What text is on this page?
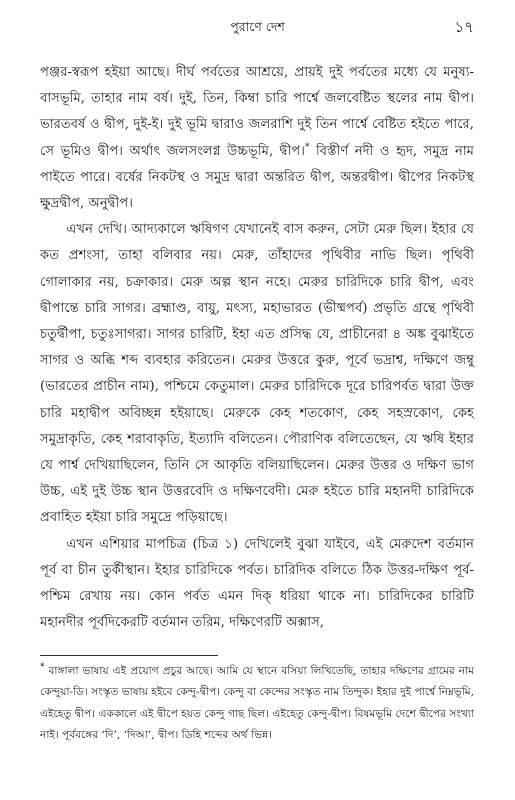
পুরাণে দেশ	১৭

পঞ্জর-স্বরূপ হইয়া আছে। দীর্ঘ পর্বতের আশ্রয়ে, প্রায়ই দুই পর্বতের মধ্যে যে মনুষ্য-বাসভূমি, তাহার নাম বর্ষ। দুই, তিন, কিম্বা চারি পার্শ্বে জলবেষ্টিত স্থলের নাম দ্বীপ। ভারতবর্ষ ও দ্বীপ, দুই-ই। দুই ভূমি দ্বারাও জলরাশি দুই তিন পার্শ্বে বেষ্টিত হইতে পারে, সে ভূমিও দ্বীপ। অর্থাৎ জলসংলগ্ন উচ্চভূমি, দ্বীপ।* বিস্তীর্ণ নদী ও হৃদ, সমুদ্র নাম পাইতে পারে। বর্ষের নিকটস্থ ও সমুদ্র দ্বারা অন্তরিত দ্বীপ, অন্তরদ্বীপ। দ্বীপের নিকটস্থ ক্ষুদ্রদ্বীপ, অনুদ্বীপ।

এখন দেখি। আদ্যকালে ঋষিগণ যেখানেই বাস করুন, সেটা মেরু ছিল। ইহার যে কত প্রশংসা, তাহা বলিবার নয়। মেরু, তাঁহাদের পৃথিবীর নাভি ছিল। পৃথিবী গোলাকার নয়, চক্রাকার। মেরু অল্প স্থান নহে। মেরুর চারিদিকে চারি দ্বীপ, এবং দ্বীপান্তে চারি সাগর। ব্রহ্মাণ্ড, বায়ু, মৎস্য, মহাভারত (ভীষ্মপর্ব) প্রভৃতি গ্রন্থে পৃথিবী চতুর্দ্বীপা, চতুঃসাগরা। সাগর চারিটি, ইহা এত প্রসিদ্ধ যে, প্রাচীনেরা ৪ অঙ্ক বুঝাইতে সাগর ও অব্ধি শব্দ ব্যবহার করিতেন। মেরুর উত্তরে কুরু, পূর্বে ভদ্রাশ্ব, দক্ষিণে জম্বু (ভারতের প্রাচীন নাম), পশ্চিমে কেতুমাল। মেরুর চারিদিকে দূরে চারিপর্বত দ্বারা উক্ত চারি মহাদ্বীপ অবিচ্ছন্ন হইয়াছে। মেরুকে কেহ শতকোণ, কেহ সহস্রকোণ, কেহ সমুদ্রাকৃতি, কেহ শরাবাকৃতি, ইত্যাদি বলিতেন। পৌরাণিক বলিতেছেন, যে ঋষি ইহার যে পার্শ্ব দেখিয়াছিলেন, তিনি সে আকৃতি বলিয়াছিলেন। মেরুর উত্তর ও দক্ষিণ ভাগ উচ্চ, এই দুই উচ্চ স্থান উত্তরবেদি ও দক্ষিণবেদী। মেরু হইতে চারি মহানদী চারিদিকে প্রবাহিত হইয়া চারি সমুদ্রে পড়িয়াছে।

এখন এশিয়ার মাপচিত্র (চিত্র ১) দেখিলেই বুঝা যাইবে, এই মেরুদেশ বর্তমান পূর্ব বা চীন তুর্কীস্থান। ইহার চারিদিকে পর্বত। চারিদিক বলিতে ঠিক উত্তর-দক্ষিণ পূর্ব-পশ্চিম রেখায় নয়। কোন পর্বত এমন দিক্ ধরিয়া থাকে না। চারিদিকের চারিটি মহানদীর পূর্বদিকেরটি বর্তমান তরিম, দক্ষিণেরটি অক্সাস,

* বাঙ্গালা ভাষায় এই প্রয়োগ প্রচুর আছে। আমি যে স্থানে বসিয়া লিখিতেছি, তাহার দক্ষিণের গ্রামের নাম কেন্দুয়া-ডি। সংস্কৃত ভাষায় হইবে কেন্দু-দ্বীপ। কেন্দু বা কেন্দের সংস্কৃত নাম তিন্দুক। ইহার দুই পার্শ্বে নিম্নভূমি, এইহেতু দ্বীপ। এককালে এই দ্বীপে হয়ত কেন্দু গাছ ছিল। এইহেতু কেন্দু-দ্বীপ। বিষমভূমি দেশে দ্বীপের সংখ্যা নাই। পূর্ববঙ্গের ‘দি’, ‘দিআ’, দ্বীপ। ডিহি শব্দের অর্থ ভিন্ন।
